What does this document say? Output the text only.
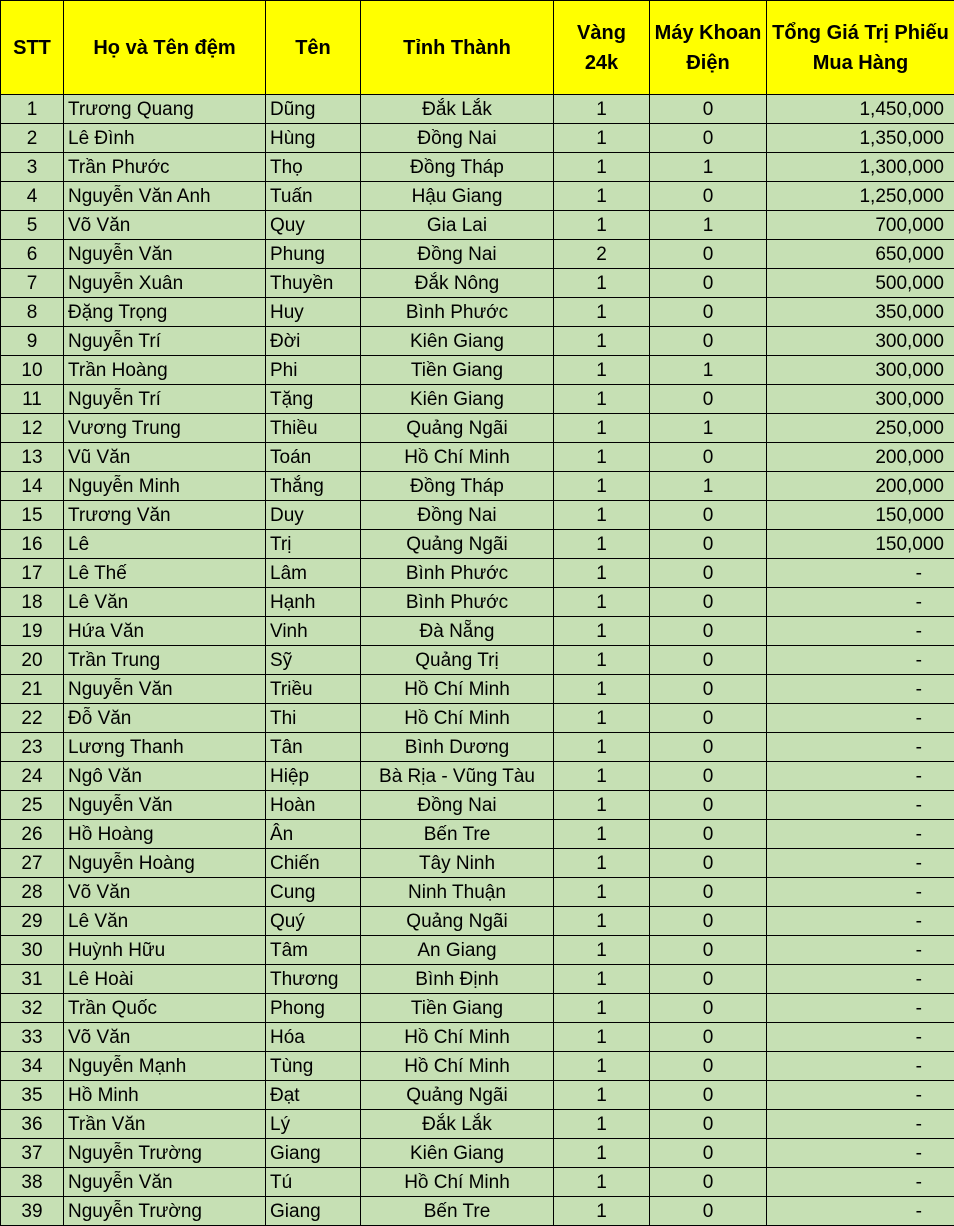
STT	Họ và Tên đệm	Tên	Tỉnh Thành	Vàng 24k	Máy Khoan Điện	Tổng Giá Trị Phiếu Mua Hàng
1	Trương Quang	Dũng	Đắk Lắk	1	0	1,450,000
2	Lê Đình	Hùng	Đồng Nai	1	0	1,350,000
3	Trần Phước	Thọ	Đồng Tháp	1	1	1,300,000
4	Nguyễn Văn Anh	Tuấn	Hậu Giang	1	0	1,250,000
5	Võ Văn	Quy	Gia Lai	1	1	700,000
6	Nguyễn Văn	Phung	Đồng Nai	2	0	650,000
7	Nguyễn Xuân	Thuyền	Đắk Nông	1	0	500,000
8	Đặng Trọng	Huy	Bình Phước	1	0	350,000
9	Nguyễn Trí	Đời	Kiên Giang	1	0	300,000
10	Trần Hoàng	Phi	Tiền Giang	1	1	300,000
11	Nguyễn Trí	Tặng	Kiên Giang	1	0	300,000
12	Vương Trung	Thiều	Quảng Ngãi	1	1	250,000
13	Vũ Văn	Toán	Hồ Chí Minh	1	0	200,000
14	Nguyễn Minh	Thắng	Đồng Tháp	1	1	200,000
15	Trương Văn	Duy	Đồng Nai	1	0	150,000
16	Lê	Trị	Quảng Ngãi	1	0	150,000
17	Lê Thế	Lâm	Bình Phước	1	0	-
18	Lê Văn	Hạnh	Bình Phước	1	0	-
19	Hứa Văn	Vinh	Đà Nẵng	1	0	-
20	Trần Trung	Sỹ	Quảng Trị	1	0	-
21	Nguyễn Văn	Triều	Hồ Chí Minh	1	0	-
22	Đỗ Văn	Thi	Hồ Chí Minh	1	0	-
23	Lương Thanh	Tân	Bình Dương	1	0	-
24	Ngô Văn	Hiệp	Bà Rịa - Vũng Tàu	1	0	-
25	Nguyễn Văn	Hoàn	Đồng Nai	1	0	-
26	Hồ Hoàng	Ân	Bến Tre	1	0	-
27	Nguyễn Hoàng	Chiến	Tây Ninh	1	0	-
28	Võ Văn	Cung	Ninh Thuận	1	0	-
29	Lê Văn	Quý	Quảng Ngãi	1	0	-
30	Huỳnh Hữu	Tâm	An Giang	1	0	-
31	Lê Hoài	Thương	Bình Định	1	0	-
32	Trần Quốc	Phong	Tiền Giang	1	0	-
33	Võ Văn	Hóa	Hồ Chí Minh	1	0	-
34	Nguyễn Mạnh	Tùng	Hồ Chí Minh	1	0	-
35	Hồ Minh	Đạt	Quảng Ngãi	1	0	-
36	Trần Văn	Lý	Đắk Lắk	1	0	-
37	Nguyễn Trường	Giang	Kiên Giang	1	0	-
38	Nguyễn Văn	Tú	Hồ Chí Minh	1	0	-
39	Nguyễn Trường	Giang	Bến Tre	1	0	-
